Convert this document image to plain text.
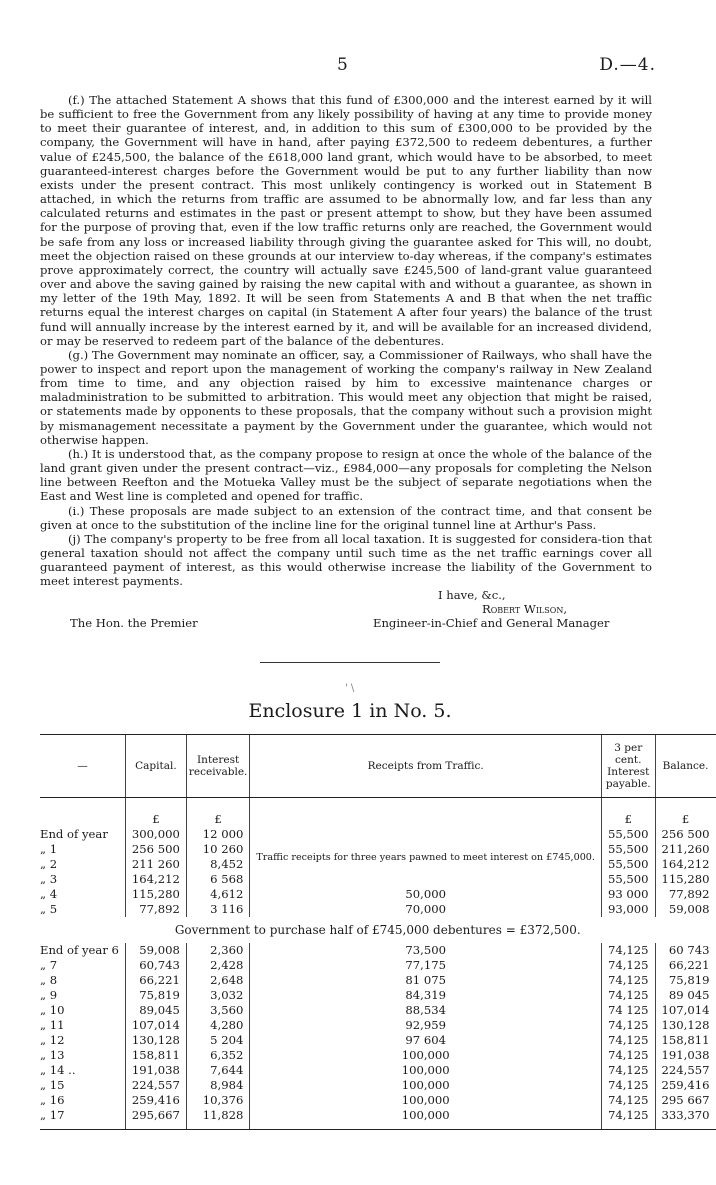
5	D.—4.

(f.) The attached Statement A shows that this fund of £300,000 and the interest earned by it will be sufficient to free the Government from any likely possibility of having at any time to provide money to meet their guarantee of interest, and, in addition to this sum of £300,000 to be provided by the company, the Government will have in hand, after paying £372,500 to redeem debentures, a further value of £245,500, the balance of the £618,000 land grant, which would have to be absorbed, to meet guaranteed-interest charges before the Government would be put to any further liability than now exists under the present contract. This most unlikely contingency is worked out in Statement B attached, in which the returns from traffic are assumed to be abnormally low, and far less than any calculated returns and estimates in the past or present attempt to show, but they have been assumed for the purpose of proving that, even if the low traffic returns only are reached, the Government would be safe from any loss or increased liability through giving the guarantee asked for This will, no doubt, meet the objection raised on these grounds at our interview to-day whereas, if the company's estimates prove approximately correct, the country will actually save £245,500 of land-grant value guaranteed over and above the saving gained by raising the new capital with and without a guarantee, as shown in my letter of the 19th May, 1892. It will be seen from Statements A and B that when the net traffic returns equal the interest charges on capital (in Statement A after four years) the balance of the trust fund will annually increase by the interest earned by it, and will be available for an increased dividend, or may be reserved to redeem part of the balance of the debentures.

(g.) The Government may nominate an officer, say, a Commissioner of Railways, who shall have the power to inspect and report upon the management of working the company's railway in New Zealand from time to time, and any objection raised by him to excessive maintenance charges or maladministration to be submitted to arbitration. This would meet any objection that might be raised, or statements made by opponents to these proposals, that the company without such a provision might by mismanagement necessitate a payment by the Government under the guarantee, which would not otherwise happen.

(h.) It is understood that, as the company propose to resign at once the whole of the balance of the land grant given under the present contract—viz., £984,000—any proposals for completing the Nelson line between Reefton and the Motueka Valley must be the subject of separate negotiations when the East and West line is completed and opened for traffic.

(i.) These proposals are made subject to an extension of the contract time, and that consent be given at once to the substitution of the incline line for the original tunnel line at Arthur's Pass.

(j) The company's property to be free from all local taxation. It is suggested for considera-tion that general taxation should not affect the company until such time as the net traffic earnings cover all guaranteed payment of interest, as this would otherwise increase the liability of the Government to meet interest payments.

I have, &c.,
Robert Wilson,
The Hon. the Premier	Engineer-in-Chief and General Manager
' \
Enclosure 1 in No. 5.
—	Capital.	Interest receivable.	Receipts from Traffic.	3 per cent. Interest payable.	Balance.

	£	£		£	£
End of year	300,000	12 000	Traffic receipts for three years pawned to meet interest on £745,000.	55,500	256 500
„ 1	256 500	10 260		55,500	211,260
„ 2	211 260	8,452		55,500	164,212
„ 3	164,212	6 568		55,500	115,280
„ 4	115,280	4,612	50,000	93 000	77,892
„ 5	77,892	3 116	70,000	93,000	59,008
Government to purchase half of £745,000 debentures = £372,500.					
End of year 6	59,008	2,360	73,500	74,125	60 743
„ 7	60,743	2,428	77,175	74,125	66,221
„ 8	66,221	2,648	81 075	74,125	75,819
„ 9	75,819	3,032	84,319	74,125	89 045
„ 10	89,045	3,560	88,534	74 125	107,014
„ 11	107,014	4,280	92,959	74,125	130,128
„ 12	130,128	5 204	97 604	74,125	158,811
„ 13	158,811	6,352	100,000	74,125	191,038
„ 14 ..	191,038	7,644	100,000	74,125	224,557
„ 15	224,557	8,984	100,000	74,125	259,416
„ 16	259,416	10,376	100,000	74,125	295 667
„ 17	295,667	11,828	100,000	74,125	333,370
